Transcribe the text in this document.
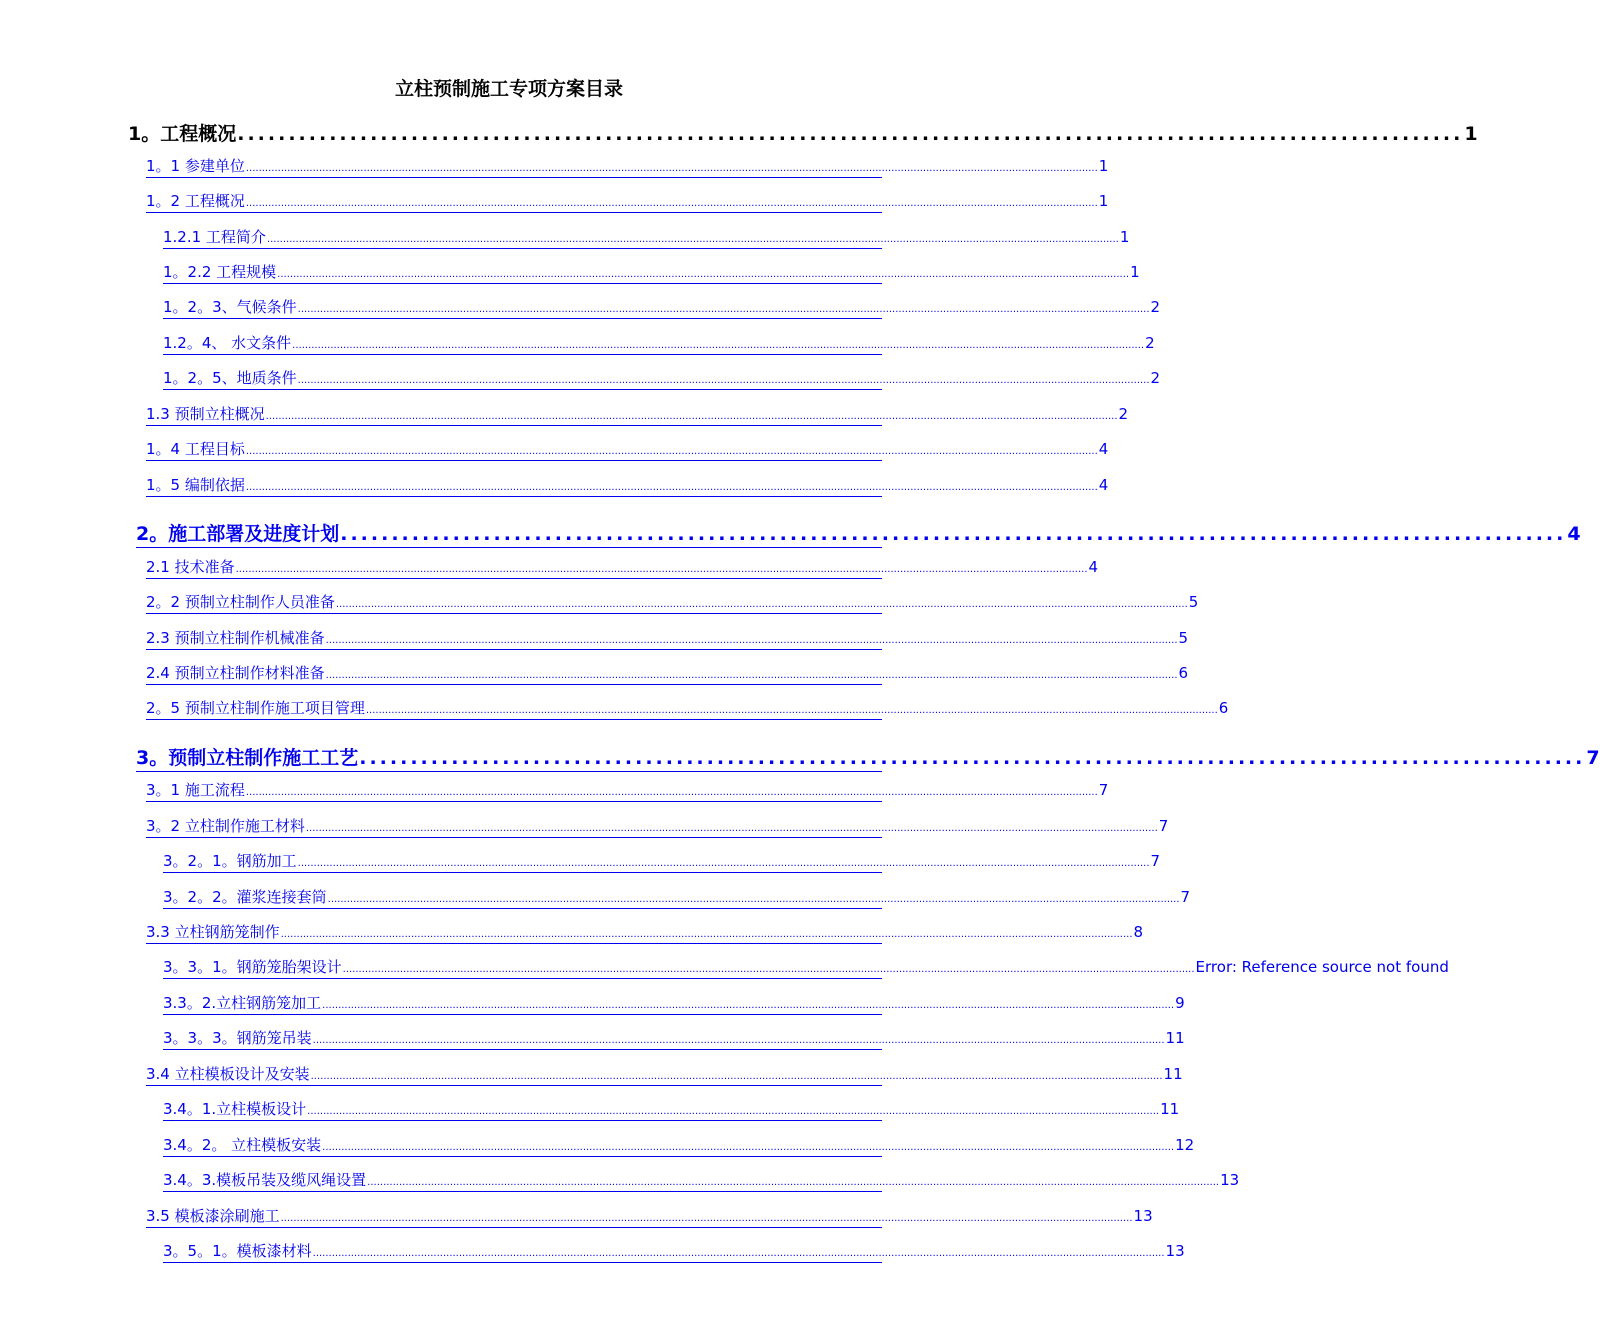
立柱预制施工专项方案目录
1。工程概况 ........................................................................................................................ 1
1。1 参建单位 ............................................................................................................................................................................................................................................................................ 1
1。2 工程概况 ............................................................................................................................................................................................................................................................................ 1
1.2.1 工程简介 ............................................................................................................................................................................................................................................................................ 1
1。2.2 工程规模 ............................................................................................................................................................................................................................................................................ 1
1。2。3、气候条件 ............................................................................................................................................................................................................................................................................ 2
1.2。4、 水文条件 ............................................................................................................................................................................................................................................................................ 2
1。2。5、地质条件 ............................................................................................................................................................................................................................................................................ 2
1.3 预制立柱概况 ............................................................................................................................................................................................................................................................................ 2
1。4 工程目标 ............................................................................................................................................................................................................................................................................ 4
1。5 编制依据 ............................................................................................................................................................................................................................................................................ 4
2。施工部署及进度计划 ........................................................................................................................ 4
2.1 技术准备 ............................................................................................................................................................................................................................................................................ 4
2。2 预制立柱制作人员准备 ............................................................................................................................................................................................................................................................................ 5
2.3 预制立柱制作机械准备 ............................................................................................................................................................................................................................................................................ 5
2.4 预制立柱制作材料准备 ............................................................................................................................................................................................................................................................................ 6
2。5 预制立柱制作施工项目管理 ............................................................................................................................................................................................................................................................................ 6
3。预制立柱制作施工工艺 ........................................................................................................................ 7
3。1 施工流程 ............................................................................................................................................................................................................................................................................ 7
3。2 立柱制作施工材料 ............................................................................................................................................................................................................................................................................ 7
3。2。1。钢筋加工 ............................................................................................................................................................................................................................................................................ 7
3。2。2。灌浆连接套筒 ............................................................................................................................................................................................................................................................................ 7
3.3 立柱钢筋笼制作 ............................................................................................................................................................................................................................................................................ 8
3。3。1。钢筋笼胎架设计 ............................................................................................................................................................................................................................................................................ Error: Reference source not found
3.3。2.立柱钢筋笼加工 ............................................................................................................................................................................................................................................................................ 9
3。3。3。钢筋笼吊装 ............................................................................................................................................................................................................................................................................ 11
3.4 立柱模板设计及安装 ............................................................................................................................................................................................................................................................................ 11
3.4。1.立柱模板设计 ............................................................................................................................................................................................................................................................................ 11
3.4。2。 立柱模板安装 ............................................................................................................................................................................................................................................................................ 12
3.4。3.模板吊装及缆风绳设置 ............................................................................................................................................................................................................................................................................ 13
3.5 模板漆涂刷施工 ............................................................................................................................................................................................................................................................................ 13
3。5。1。模板漆材料 ............................................................................................................................................................................................................................................................................ 13
